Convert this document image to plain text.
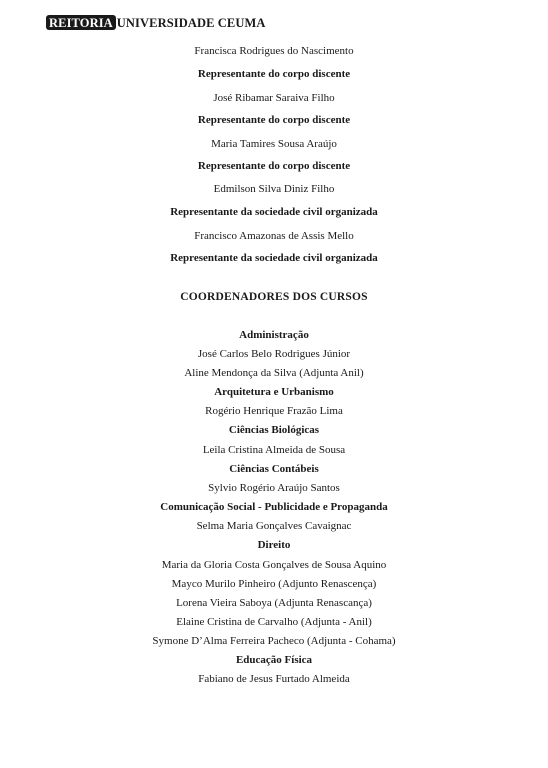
REITORIA UNIVERSIDADE CEUMA
Francisca Rodrigues do Nascimento
Representante do corpo discente
José Ribamar Saraiva Filho
Representante do corpo discente
Maria Tamires Sousa Araújo
Representante do corpo discente
Edmilson Silva Diniz Filho
Representante da sociedade civil organizada
Francisco Amazonas de Assis Mello
Representante da sociedade civil organizada
COORDENADORES DOS CURSOS
Administração
José Carlos Belo Rodrigues Júnior
Aline Mendonça da Silva (Adjunta Anil)
Arquitetura e Urbanismo
Rogério Henrique Frazão Lima
Ciências Biológicas
Leila Cristina Almeida de Sousa
Ciências Contábeis
Sylvio Rogério Araújo Santos
Comunicação Social - Publicidade e Propaganda
Selma Maria Gonçalves Cavaignac
Direito
Maria da Gloria Costa Gonçalves de Sousa Aquino
Mayco Murilo Pinheiro (Adjunto Renascença)
Lorena Vieira Saboya (Adjunta Renascança)
Elaine Cristina de Carvalho (Adjunta - Anil)
Symone D’Alma Ferreira Pacheco (Adjunta - Cohama)
Educação Física
Fabiano de Jesus Furtado Almeida
